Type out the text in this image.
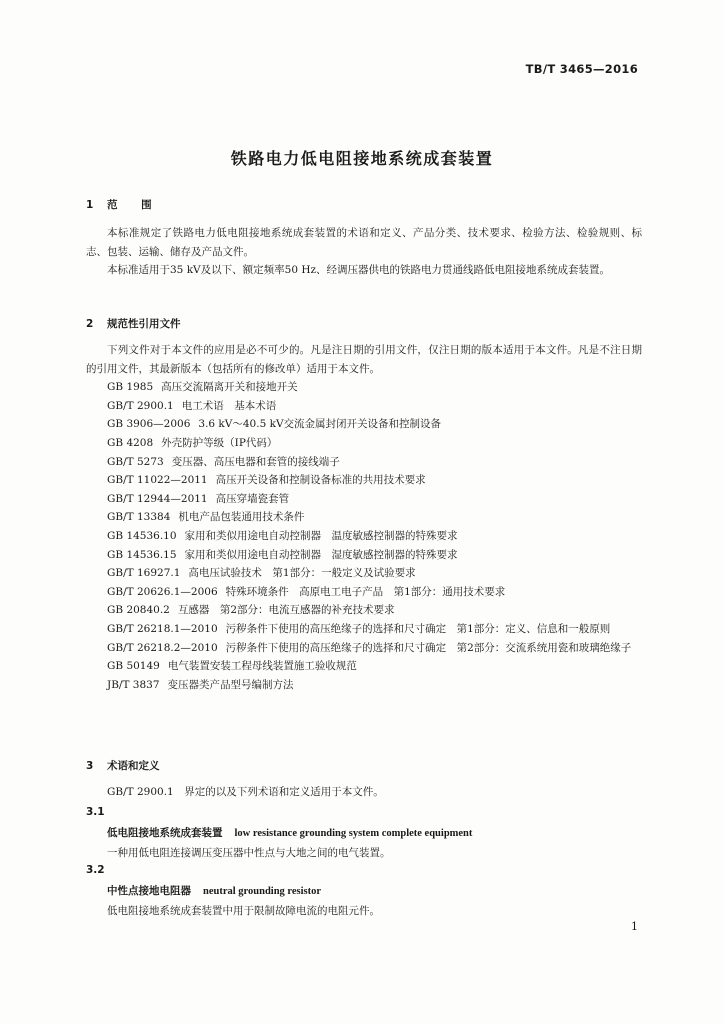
TB/T 3465—2016
铁路电力低电阻接地系统成套装置
1 范 围
本标准规定了铁路电力低电阻接地系统成套装置的术语和定义、产品分类、技术要求、检验方法、检验规则、标志、包装、运输、储存及产品文件。
本标准适用于35 kV及以下、额定频率50 Hz、经调压器供电的铁路电力贯通线路低电阻接地系统成套装置。
2 规范性引用文件
下列文件对于本文件的应用是必不可少的。凡是注日期的引用文件，仅注日期的版本适用于本文件。凡是不注日期的引用文件，其最新版本（包括所有的修改单）适用于本文件。
GB 1985 高压交流隔离开关和接地开关
GB/T 2900.1 电工术语　基本术语
GB 3906—2006 3.6 kV～40.5 kV交流金属封闭开关设备和控制设备
GB 4208 外壳防护等级（IP代码）
GB/T 5273 变压器、高压电器和套管的接线端子
GB/T 11022—2011 高压开关设备和控制设备标准的共用技术要求
GB/T 12944—2011 高压穿墙瓷套管
GB/T 13384 机电产品包装通用技术条件
GB 14536.10 家用和类似用途电自动控制器　温度敏感控制器的特殊要求
GB 14536.15 家用和类似用途电自动控制器　湿度敏感控制器的特殊要求
GB/T 16927.1 高电压试验技术　第1部分：一般定义及试验要求
GB/T 20626.1—2006 特殊环境条件　高原电工电子产品　第1部分：通用技术要求
GB 20840.2 互感器　第2部分：电流互感器的补充技术要求
GB/T 26218.1—2010 污秽条件下使用的高压绝缘子的选择和尺寸确定　第1部分：定义、信息和一般原则
GB/T 26218.2—2010 污秽条件下使用的高压绝缘子的选择和尺寸确定　第2部分：交流系统用瓷和玻璃绝缘子
GB 50149 电气装置安装工程母线装置施工验收规范
JB/T 3837 变压器类产品型号编制方法
3 术语和定义
GB/T 2900.1　界定的以及下列术语和定义适用于本文件。
3.1
低电阻接地系统成套装置 low resistance grounding system complete equipment
一种用低电阻连接调压变压器中性点与大地之间的电气装置。
3.2
中性点接地电阻器 neutral grounding resistor
低电阻接地系统成套装置中用于限制故障电流的电阻元件。
1
